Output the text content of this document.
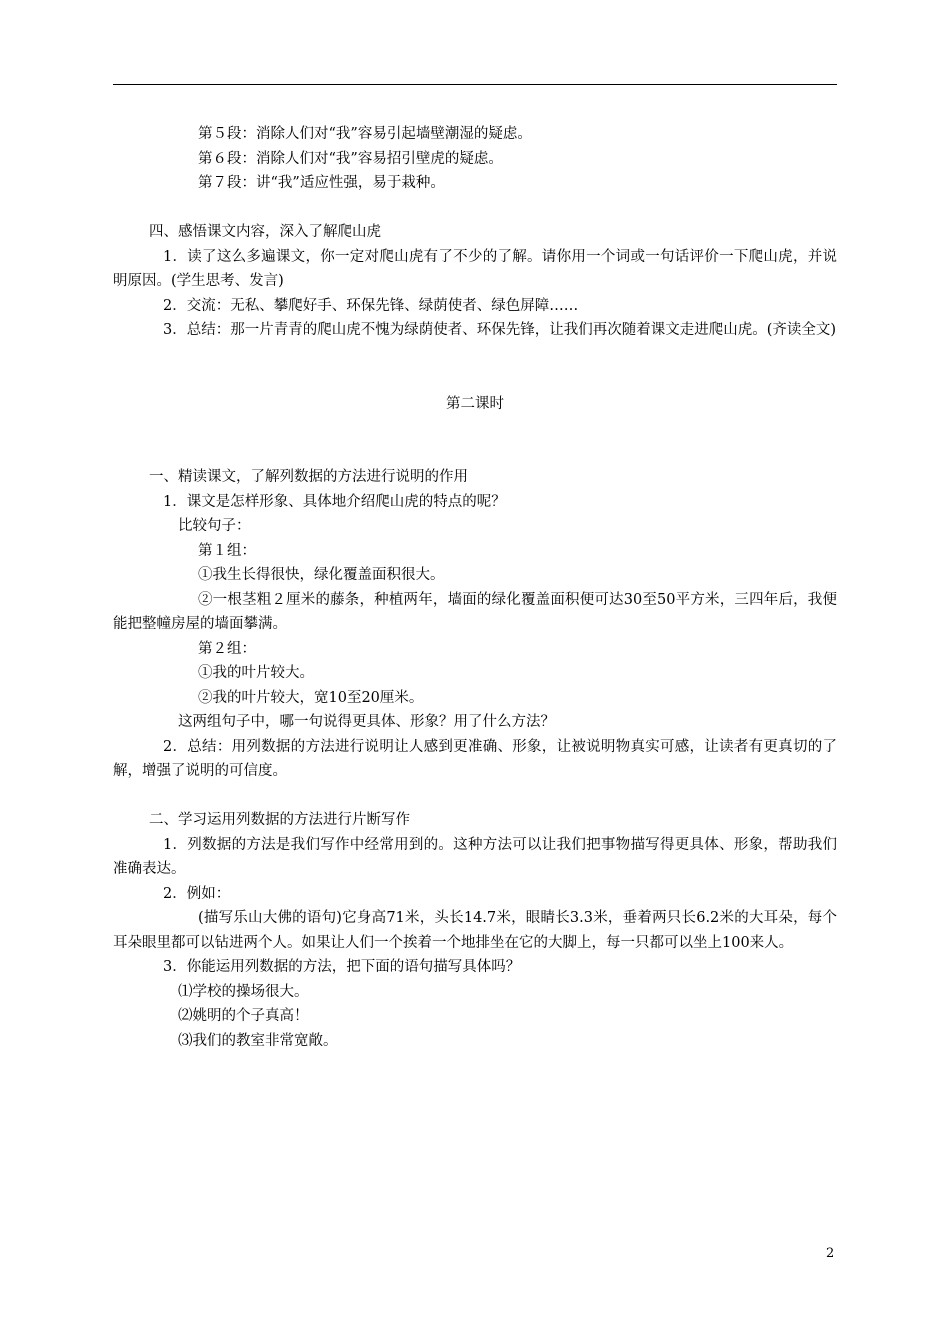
第５段：消除人们对“我”容易引起墙壁潮湿的疑虑。

第６段：消除人们对“我”容易招引壁虎的疑虑。

第７段：讲“我”适应性强，易于栽种。

四、感悟课文内容，深入了解爬山虎

1．读了这么多遍课文，你一定对爬山虎有了不少的了解。请你用一个词或一句话评价一下爬山虎，并说明原因。(学生思考、发言)

2．交流：无私、攀爬好手、环保先锋、绿荫使者、绿色屏障……

3．总结：那一片青青的爬山虎不愧为绿荫使者、环保先锋，让我们再次随着课文走进爬山虎。(齐读全文)

第二课时

一、精读课文，了解列数据的方法进行说明的作用

1．课文是怎样形象、具体地介绍爬山虎的特点的呢？

比较句子：

第１组：

①我生长得很快，绿化覆盖面积很大。

②一根茎粗２厘米的藤条，种植两年，墙面的绿化覆盖面积便可达30至50平方米，三四年后，我便能把整幢房屋的墙面攀满。

第２组：

①我的叶片较大。

②我的叶片较大，宽10至20厘米。

这两组句子中，哪一句说得更具体、形象？用了什么方法？

2．总结：用列数据的方法进行说明让人感到更准确、形象，让被说明物真实可感，让读者有更真切的了解，增强了说明的可信度。

二、学习运用列数据的方法进行片断写作

1．列数据的方法是我们写作中经常用到的。这种方法可以让我们把事物描写得更具体、形象，帮助我们准确表达。

2．例如：

(描写乐山大佛的语句)它身高71米，头长14.7米，眼睛长3.3米，垂着两只长6.2米的大耳朵，每个耳朵眼里都可以钻进两个人。如果让人们一个挨着一个地排坐在它的大脚上，每一只都可以坐上100来人。

3．你能运用列数据的方法，把下面的语句描写具体吗？

⑴学校的操场很大。

⑵姚明的个子真高！

⑶我们的教室非常宽敞。

2
